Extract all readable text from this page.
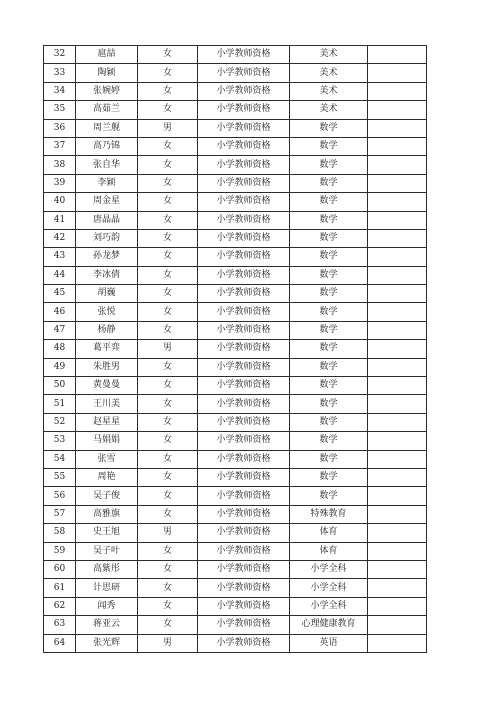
32	扈喆	女	小学教师资格	美术	
33	陶颖	女	小学教师资格	美术	
34	张婉婷	女	小学教师资格	美术	
35	高茹兰	女	小学教师资格	美术	
36	周兰舰	男	小学教师资格	数学	
37	高乃锦	女	小学教师资格	数学	
38	张自华	女	小学教师资格	数学	
39	李颖	女	小学教师资格	数学	
40	周金星	女	小学教师资格	数学	
41	唐晶晶	女	小学教师资格	数学	
42	刘巧韵	女	小学教师资格	数学	
43	孙龙梦	女	小学教师资格	数学	
44	李冰倩	女	小学教师资格	数学	
45	胡巍	女	小学教师资格	数学	
46	张悦	女	小学教师资格	数学	
47	杨静	女	小学教师资格	数学	
48	葛平弈	男	小学教师资格	数学	
49	朱胜男	女	小学教师资格	数学	
50	黄曼曼	女	小学教师资格	数学	
51	王川美	女	小学教师资格	数学	
52	赵星星	女	小学教师资格	数学	
53	马娟娟	女	小学教师资格	数学	
54	张雪	女	小学教师资格	数学	
55	周艳	女	小学教师资格	数学	
56	吴子俊	女	小学教师资格	数学	
57	高雅旗	女	小学教师资格	特殊教育	
58	史王旭	男	小学教师资格	体育	
59	吴子叶	女	小学教师资格	体育	
60	高紫彤	女	小学教师资格	小学全科	
61	计思研	女	小学教师资格	小学全科	
62	闻秀	女	小学教师资格	小学全科	
63	蒋亚云	女	小学教师资格	心理健康教育	
64	张光辉	男	小学教师资格	英语	
